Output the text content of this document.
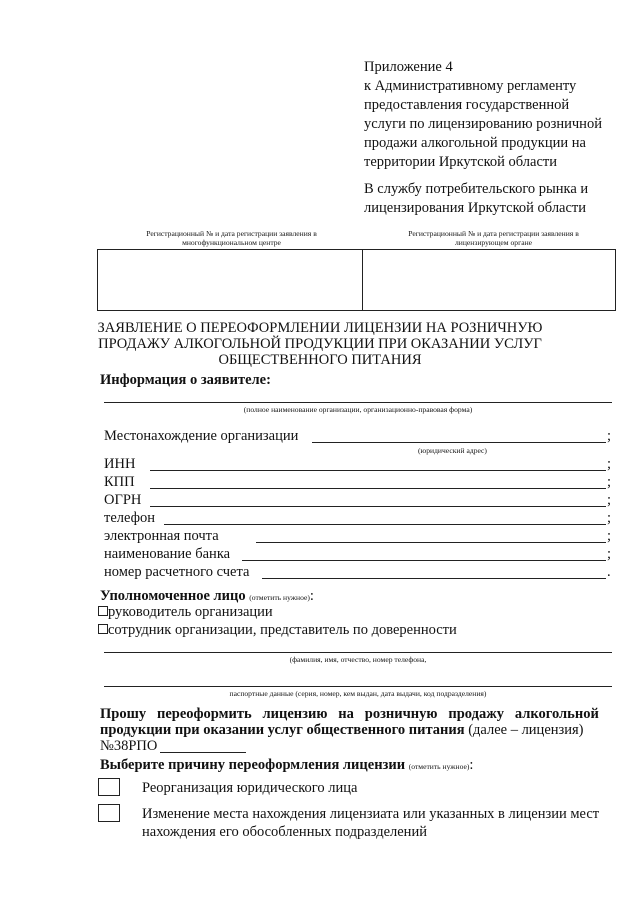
Приложение 4

к Административному регламенту

предоставления государственной

услуги по лицензированию розничной

продажи алкогольной продукции на

территории Иркутской области

В службу потребительского рынка и

лицензирования Иркутской области

Регистрационный № и дата регистрации заявления в
многофункциональном центре
Регистрационный № и дата регистрации заявления в
лицензирующем органе

ЗАЯВЛЕНИЕ О ПЕРЕОФОРМЛЕНИИ ЛИЦЕНЗИИ НА РОЗНИЧНУЮ

ПРОДАЖУ АЛКОГОЛЬНОЙ ПРОДУКЦИИ ПРИ ОКАЗАНИИ УСЛУГ

ОБЩЕСТВЕННОГО ПИТАНИЯ

Информация о заявителе:
(полное наименование организации, организационно-правовая форма)
Местонахождение организации	;
(юридический адрес)
ИНН	;
КПП	;
ОГРН	;
телефон	;
электронная почта	;
наименование банка	;
номер расчетного счета	.
Уполномоченное лицо (отметить нужное):
руководитель организации
сотрудник организации, представитель по доверенности
(фамилия, имя, отчество, номер телефона,
паспортные данные (серия, номер, кем выдан, дата выдачи, код подразделения)
Прошу   переоформить   лицензию   на   розничную   продажу   алкогольной
продукции при оказании услуг общественного питания (далее – лицензия)
№38РПО
Выберите причину переоформления лицензии (отметить нужное):
Реорганизация юридического лица
Изменение места нахождения лицензиата или указанных в лицензии мест
нахождения его обособленных подразделений
